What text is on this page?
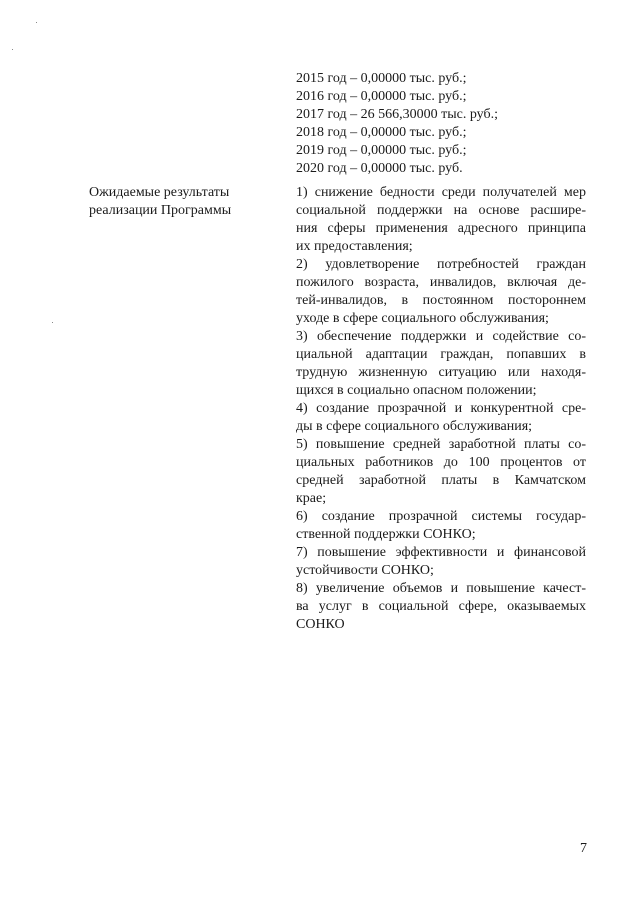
2015 год – 0,00000 тыс. руб.;
2016 год – 0,00000 тыс. руб.;
2017 год – 26 566,30000 тыс. руб.;
2018 год – 0,00000 тыс. руб.;
2019 год – 0,00000 тыс. руб.;
2020 год – 0,00000 тыс. руб.
Ожидаемые результаты
реализации Программы
1) снижение бедности среди получателей мер
социальной поддержки на основе расшире-
ния сферы применения адресного принципа
их предоставления;
2) удовлетворение потребностей граждан
пожилого возраста, инвалидов, включая де-
тей-инвалидов, в постоянном постороннем
уходе в сфере социального обслуживания;
3) обеспечение поддержки и содействие со-
циальной адаптации граждан, попавших в
трудную жизненную ситуацию или находя-
щихся в социально опасном положении;
4) создание прозрачной и конкурентной сре-
ды в сфере социального обслуживания;
5) повышение средней заработной платы со-
циальных работников до 100 процентов от
средней заработной платы в Камчатском
крае;
6) создание прозрачной системы государ-
ственной поддержки СОНКО;
7) повышение эффективности и финансовой
устойчивости СОНКО;
8) увеличение объемов и повышение качест-
ва услуг в социальной сфере, оказываемых
СОНКО
7
